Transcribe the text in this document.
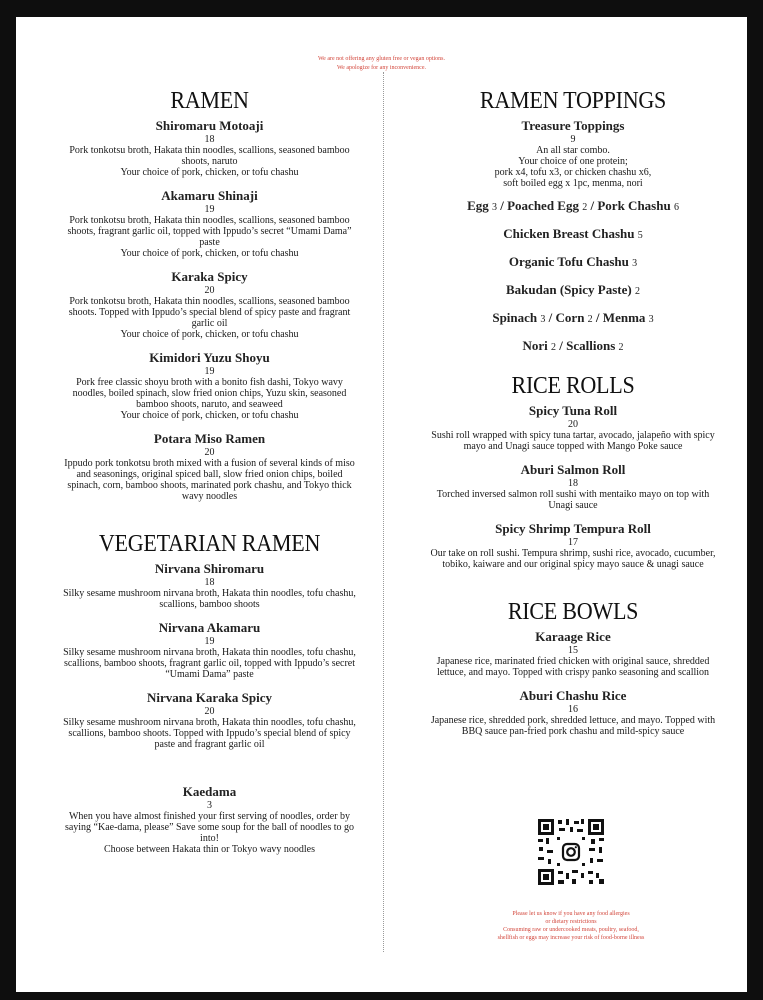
We are not offering any gluten free or vegan options.
We apologize for any inconvenience.
RAMEN
Shiromaru Motoaji
18
Pork tonkotsu broth, Hakata thin noodles, scallions, seasoned bamboo shoots, naruto
Your choice of pork, chicken, or tofu chashu
Akamaru Shinaji
19
Pork tonkotsu broth, Hakata thin noodles, scallions, seasoned bamboo shoots, fragrant garlic oil, topped with Ippudo’s secret “Umami Dama” paste
Your choice of pork, chicken, or tofu chashu
Karaka Spicy
20
Pork tonkotsu broth, Hakata thin noodles, scallions, seasoned bamboo shoots. Topped with Ippudo’s special blend of spicy paste and fragrant garlic oil
Your choice of pork, chicken, or tofu chashu
Kimidori Yuzu Shoyu
19
Pork free classic shoyu broth with a bonito fish dashi, Tokyo wavy noodles, boiled spinach, slow fried onion chips, Yuzu skin, seasoned bamboo shoots, naruto, and seaweed
Your choice of pork, chicken, or tofu chashu
Potara Miso Ramen
20
Ippudo pork tonkotsu broth mixed with a fusion of several kinds of miso and seasonings, original spiced ball, slow fried onion chips, boiled spinach, corn, bamboo shoots, marinated pork chashu, and Tokyo thick wavy noodles
VEGETARIAN RAMEN
Nirvana Shiromaru
18
Silky sesame mushroom nirvana broth, Hakata thin noodles, tofu chashu, scallions, bamboo shoots
Nirvana Akamaru
19
Silky sesame mushroom nirvana broth, Hakata thin noodles, tofu chashu, scallions, bamboo shoots, fragrant garlic oil, topped with Ippudo’s secret “Umami Dama” paste
Nirvana Karaka Spicy
20
Silky sesame mushroom nirvana broth, Hakata thin noodles, tofu chashu, scallions, bamboo shoots. Topped with Ippudo’s special blend of spicy paste and fragrant garlic oil
Kaedama
3
When you have almost finished your first serving of noodles, order by saying “Kae-dama, please” Save some soup for the ball of noodles to go into!
Choose between Hakata thin or Tokyo wavy noodles
RAMEN TOPPINGS
Treasure Toppings
9
An all star combo.
Your choice of one protein;
pork x4, tofu x3, or chicken chashu x6,
soft boiled egg x 1pc, menma, nori
Egg 3 / Poached Egg 2 / Pork Chashu 6
Chicken Breast Chashu 5
Organic Tofu Chashu 3
Bakudan (Spicy Paste) 2
Spinach 3 / Corn 2 / Menma 3
Nori 2 / Scallions 2
RICE ROLLS
Spicy Tuna Roll
20
Sushi roll wrapped with spicy tuna tartar, avocado, jalapeño with spicy mayo and Unagi sauce topped with Mango Poke sauce
Aburi Salmon Roll
18
Torched inversed salmon roll sushi with mentaiko mayo on top with Unagi sauce
Spicy Shrimp Tempura Roll
17
Our take on roll sushi. Tempura shrimp, sushi rice, avocado, cucumber, tobiko, kaiware and our original spicy mayo sauce & unagi sauce
RICE BOWLS
Karaage Rice
15
Japanese rice, marinated fried chicken with original sauce, shredded lettuce, and mayo. Topped with crispy panko seasoning and scallion
Aburi Chashu Rice
16
Japanese rice, shredded pork, shredded lettuce, and mayo. Topped with BBQ sauce pan-fried pork chashu and mild-spicy sauce
Please let us know if you have any food allergies
or dietary restrictions
Consuming raw or undercooked meats, poultry, seafood,
shellfish or eggs may increase your risk of food-borne illness
